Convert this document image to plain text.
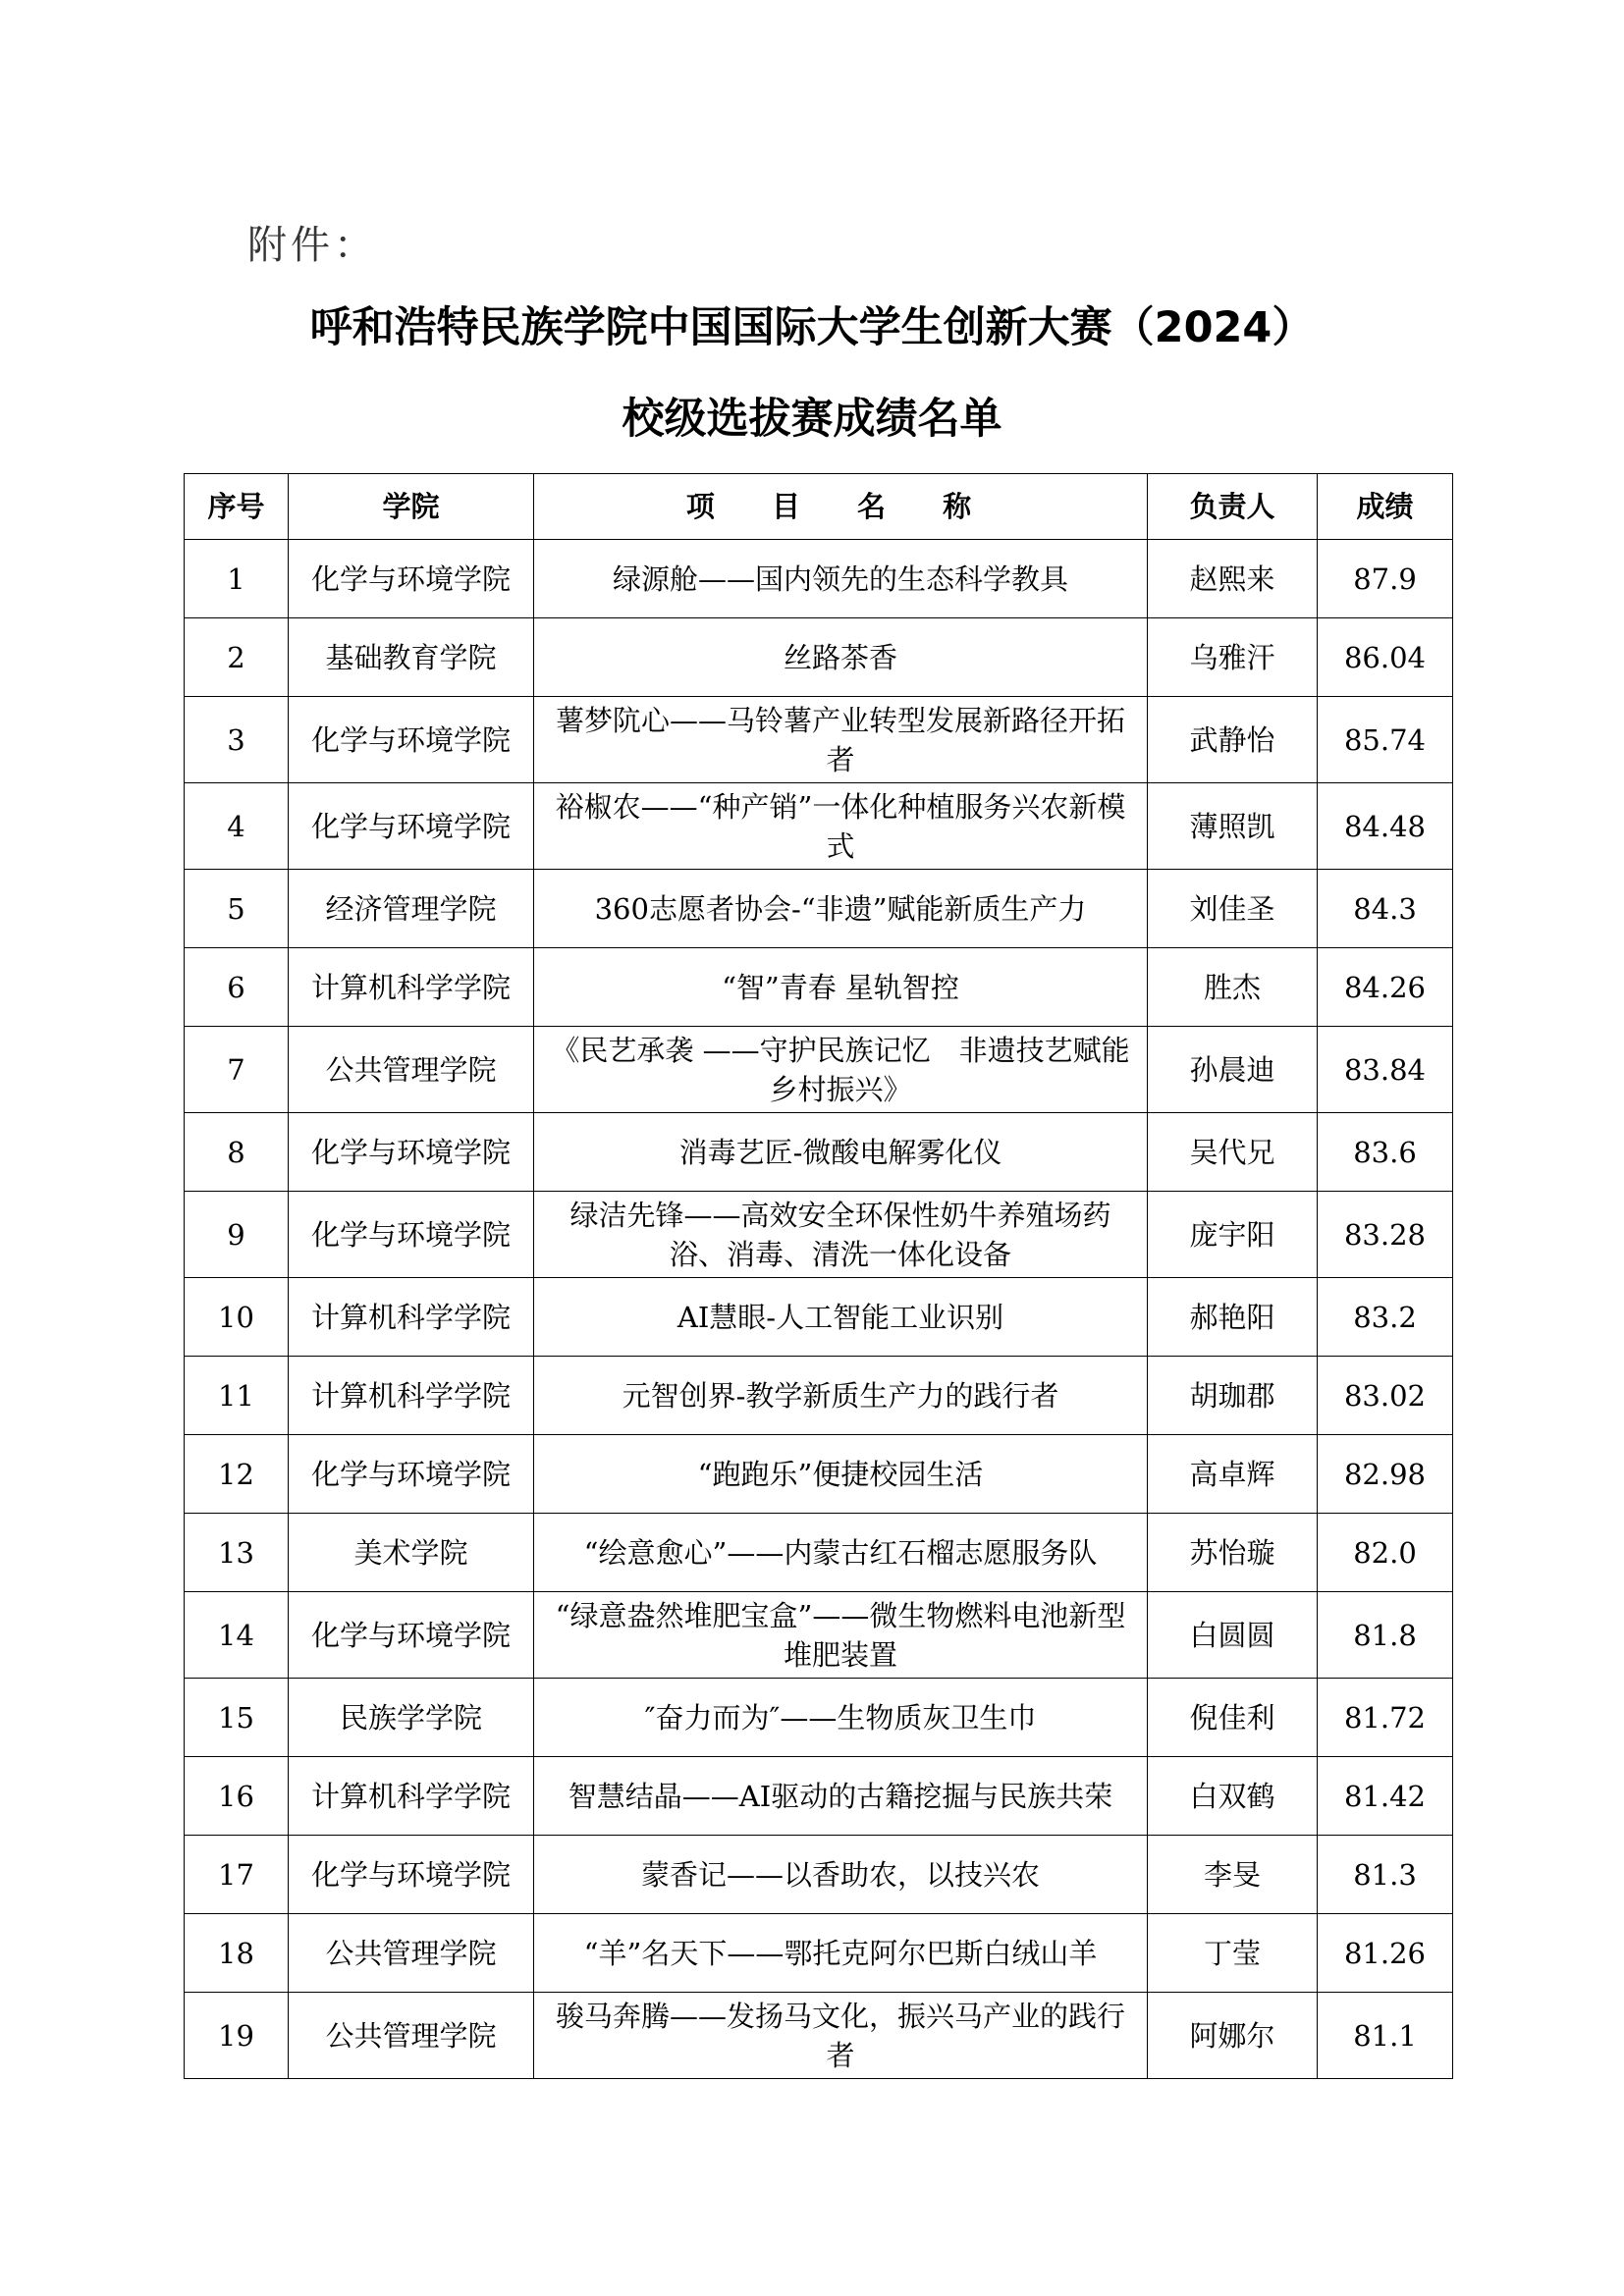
附件：
呼和浩特民族学院中国国际大学生创新大赛（2024）
校级选拔赛成绩名单
序号	学院	项 目 名 称	负责人	成绩
1	化学与环境学院	绿源舱——国内领先的生态科学教具	赵熙来	87.9
2	基础教育学院	丝路茶香	乌雅汗	86.04
3	化学与环境学院	薯梦阬心——马铃薯产业转型发展新路径开拓者	武静怡	85.74
4	化学与环境学院	裕椒农——“种产销”一体化种植服务兴农新模式	薄照凯	84.48
5	经济管理学院	360志愿者协会-“非遗”赋能新质生产力	刘佳圣	84.3
6	计算机科学学院	“智”青春 星轨智控	胜杰	84.26
7	公共管理学院	《民艺承袭 ——守护民族记忆　非遗技艺赋能乡村振兴》	孙晨迪	83.84
8	化学与环境学院	消毒艺匠-微酸电解雾化仪	吴代兄	83.6
9	化学与环境学院	绿洁先锋——高效安全环保性奶牛养殖场药浴、消毒、清洗一体化设备	庞宇阳	83.28
10	计算机科学学院	AI慧眼-人工智能工业识别	郝艳阳	83.2
11	计算机科学学院	元智创界-教学新质生产力的践行者	胡珈郡	83.02
12	化学与环境学院	“跑跑乐”便捷校园生活	高卓辉	82.98
13	美术学院	“绘意愈心”——内蒙古红石榴志愿服务队	苏怡璇	82.0
14	化学与环境学院	“绿意盎然堆肥宝盒”——微生物燃料电池新型堆肥装置	白圆圆	81.8
15	民族学学院	″奋力而为″——生物质灰卫生巾	倪佳利	81.72
16	计算机科学学院	智慧结晶——AI驱动的古籍挖掘与民族共荣	白双鹤	81.42
17	化学与环境学院	蒙香记——以香助农，以技兴农	李旻	81.3
18	公共管理学院	“羊”名天下——鄂托克阿尔巴斯白绒山羊	丁莹	81.26
19	公共管理学院	骏马奔腾——发扬马文化，振兴马产业的践行者	阿娜尔	81.1
